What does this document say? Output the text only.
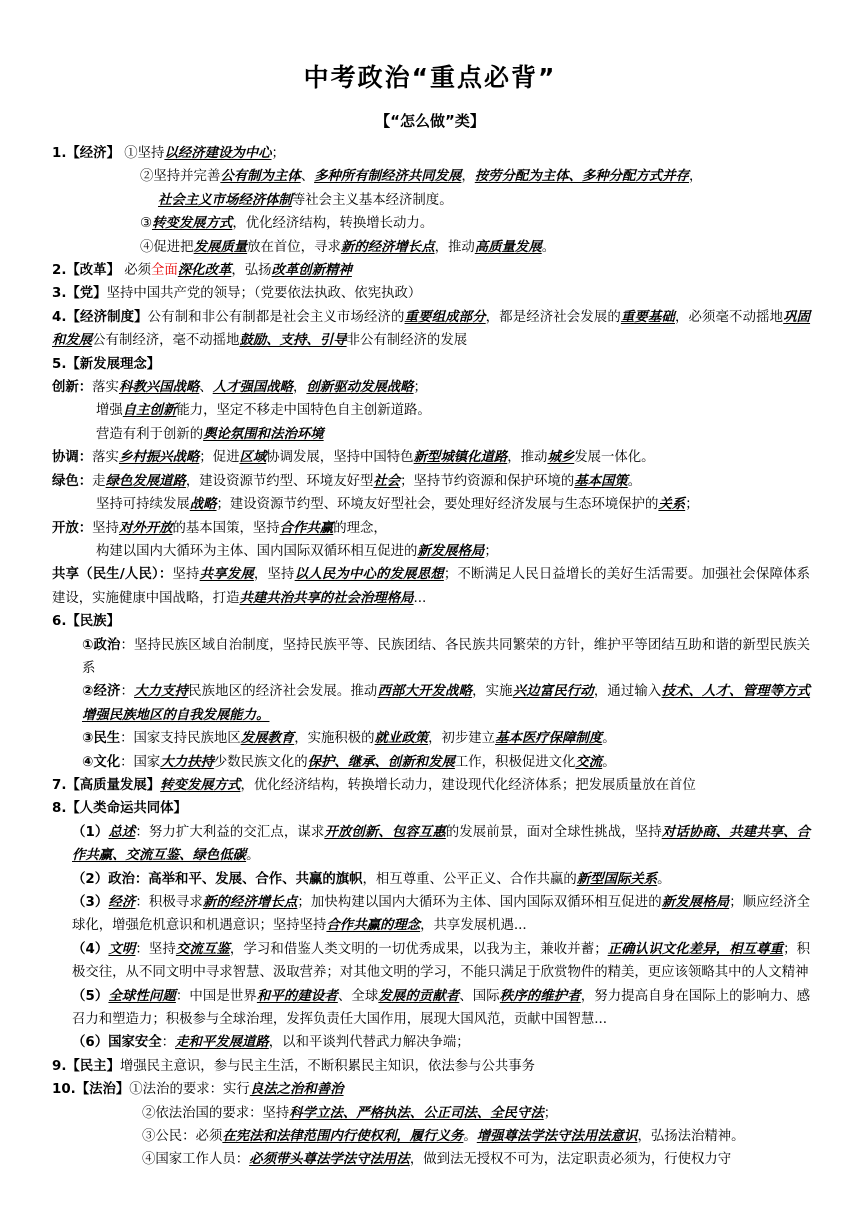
中考政治“重点必背”
【“怎么做”类】
1.【经济】 ①坚持以经济建设为中心；
②坚持并完善公有制为主体、多种所有制经济共同发展，按劳分配为主体、多种分配方式并存，
社会主义市场经济体制等社会主义基本经济制度。
③转变发展方式，优化经济结构，转换增长动力。
④促进把发展质量放在首位，寻求新的经济增长点，推动高质量发展。
2.【改革】 必须全面深化改革，弘扬改革创新精神
3.【党】坚持中国共产党的领导；（党要依法执政、依宪执政）
4.【经济制度】公有制和非公有制都是社会主义市场经济的重要组成部分，都是经济社会发展的重要基础，必须毫不动摇地巩固和发展公有制经济，毫不动摇地鼓励、支持、引导非公有制经济的发展
5.【新发展理念】
创新：落实科教兴国战略、人才强国战略，创新驱动发展战略；
增强自主创新能力，坚定不移走中国特色自主创新道路。
营造有利于创新的舆论氛围和法治环境
协调：落实乡村振兴战略；促进区域协调发展，坚持中国特色新型城镇化道路，推动城乡发展一体化。
绿色：走绿色发展道路，建设资源节约型、环境友好型社会；坚持节约资源和保护环境的基本国策。
坚持可持续发展战略；建设资源节约型、环境友好型社会，要处理好经济发展与生态环境保护的关系；
开放：坚持对外开放的基本国策，坚持合作共赢的理念，
构建以国内大循环为主体、国内国际双循环相互促进的新发展格局；
共享（民生/人民）：坚持共享发展，坚持以人民为中心的发展思想；不断满足人民日益增长的美好生活需要。加强社会保障体系建设，实施健康中国战略，打造共建共治共享的社会治理格局...
6.【民族】
①政治：坚持民族区域自治制度，坚持民族平等、民族团结、各民族共同繁荣的方针，维护平等团结互助和谐的新型民族关系
②经济：大力支持民族地区的经济社会发展。推动西部大开发战略，实施兴边富民行动，通过输入技术、人才、管理等方式增强民族地区的自我发展能力。
③民生：国家支持民族地区发展教育，实施积极的就业政策，初步建立基本医疗保障制度。
④文化：国家大力扶持少数民族文化的保护、继承、创新和发展工作，积极促进文化交流。
7.【高质量发展】转变发展方式，优化经济结构，转换增长动力，建设现代化经济体系；把发展质量放在首位
8.【人类命运共同体】
（1）总述：努力扩大利益的交汇点，谋求开放创新、包容互惠的发展前景，面对全球性挑战，坚持对话协商、共建共享、合作共赢、交流互鉴、绿色低碳。
（2）政治：高举和平、发展、合作、共赢的旗帜，相互尊重、公平正义、合作共赢的新型国际关系。
（3）经济：积极寻求新的经济增长点；加快构建以国内大循环为主体、国内国际双循环相互促进的新发展格局；顺应经济全球化，增强危机意识和机遇意识；坚持坚持合作共赢的理念，共享发展机遇...
（4）文明：坚持交流互鉴，学习和借鉴人类文明的一切优秀成果，以我为主，兼收并蓄；正确认识文化差异，相互尊重；积极交往，从不同文明中寻求智慧、汲取营养；对其他文明的学习，不能只满足于欣赏物件的精美，更应该领略其中的人文精神
（5）全球性问题：中国是世界和平的建设者、全球发展的贡献者、国际秩序的维护者，努力提高自身在国际上的影响力、感召力和塑造力；积极参与全球治理，发挥负责任大国作用，展现大国风范，贡献中国智慧...
（6）国家安全：走和平发展道路，以和平谈判代替武力解决争端；
9.【民主】增强民主意识，参与民主生活，不断积累民主知识，依法参与公共事务
10.【法治】①法治的要求：实行良法之治和善治
②依法治国的要求：坚持科学立法、严格执法、公正司法、全民守法；
③公民：必须在宪法和法律范围内行使权利，履行义务。增强尊法学法守法用法意识，弘扬法治精神。
④国家工作人员：必须带头尊法学法守法用法，做到法无授权不可为，法定职责必须为，行使权力守
